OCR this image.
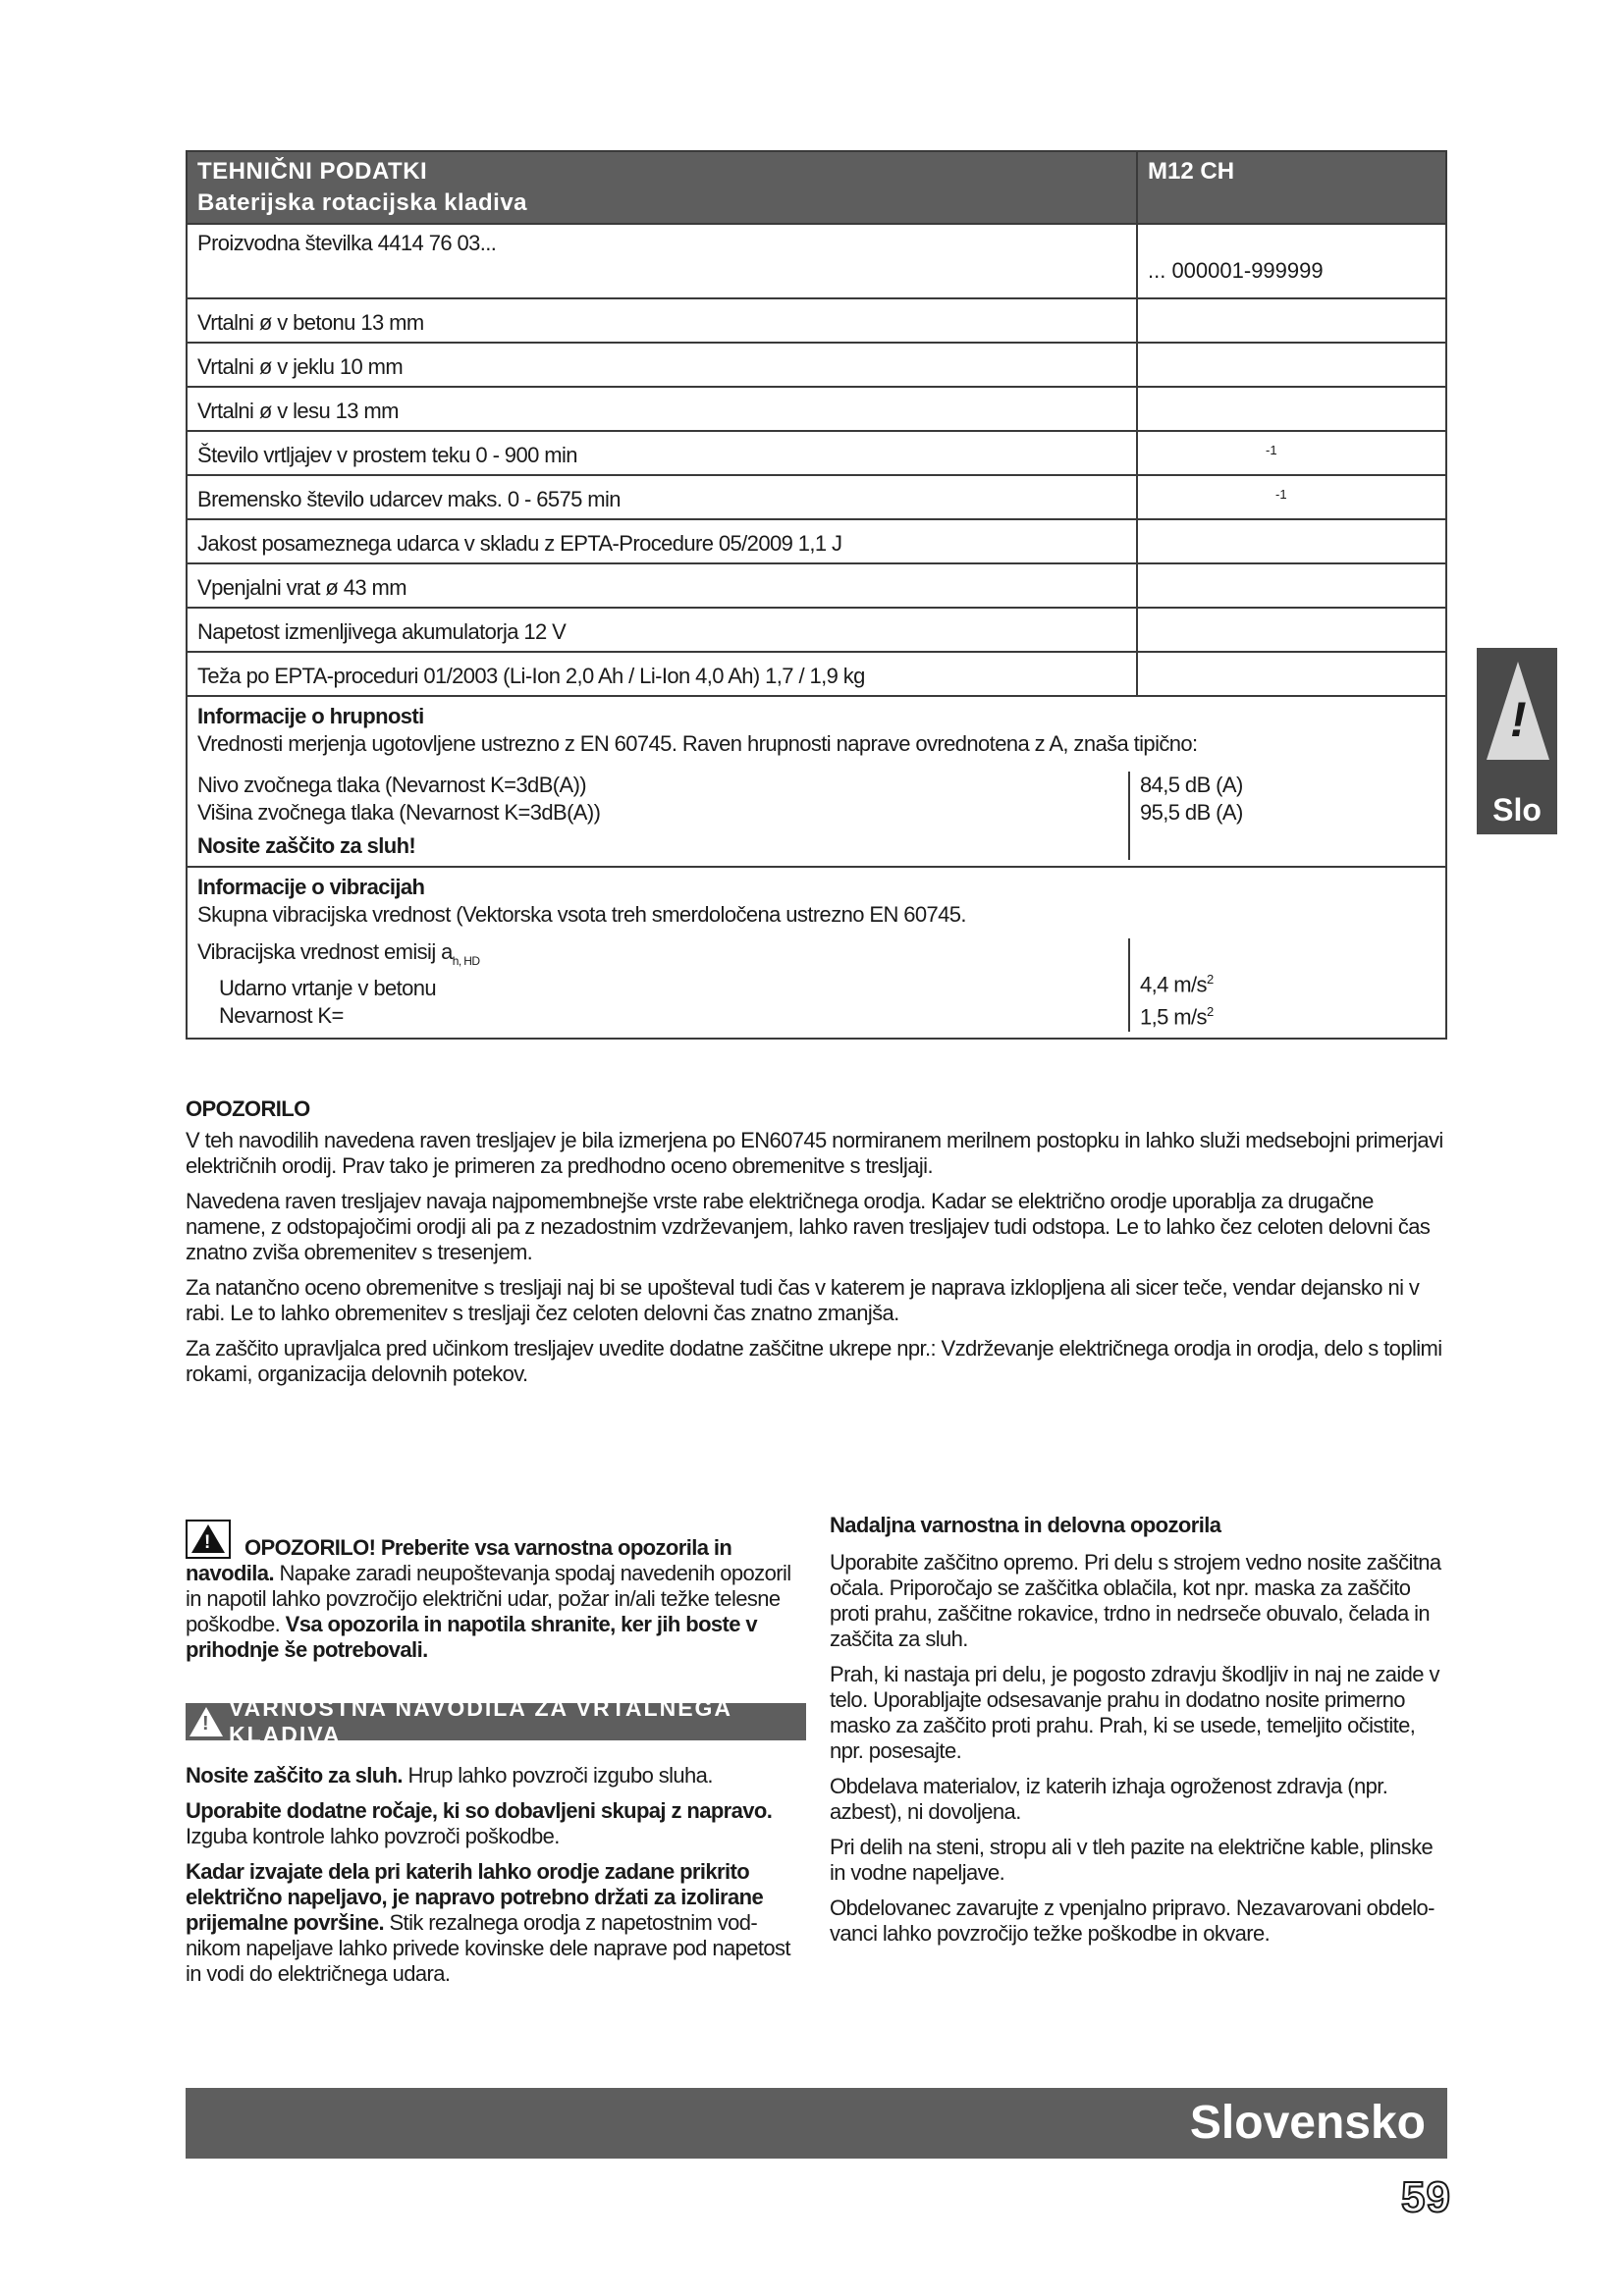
TEHNIČNI PODATKI
Baterijska rotacijska kladiva
M12 CH
Proizvodna številka 4414 76 03...
... 000001-999999
Vrtalni ø v betonu 13 mm
Vrtalni ø v jeklu 10 mm
Vrtalni ø v lesu 13 mm
Število vrtljajev v prostem teku 0 - 900 min	-1
Bremensko število udarcev maks. 0 - 6575 min	-1
Jakost posameznega udarca v skladu z EPTA-Procedure 05/2009 1,1 J
Vpenjalni vrat ø 43 mm
Napetost izmenljivega akumulatorja 12 V
Teža po EPTA-proceduri 01/2003 (Li-Ion 2,0 Ah / Li-Ion 4,0 Ah) 1,7 / 1,9 kg
Informacije o hrupnosti
Vrednosti merjenja ugotovljene ustrezno z EN 60745. Raven hrupnosti naprave ovrednotena z A, znaša tipično:
Nivo zvočnega tlaka (Nevarnost K=3dB(A))
Višina zvočnega tlaka (Nevarnost K=3dB(A))
Nosite zaščito za sluh!
84,5 dB (A)
95,5 dB (A)
Informacije o vibracijah
Skupna vibracijska vrednost (Vektorska vsota treh smerdoločena ustrezno EN 60745.
Vibracijska vrednost emisij $a_{h, HD}$
Udarno vrtanje v betonu
Nevarnost K=
4,4 $m/s^2$
1,5 $m/s^2$
!
Slo
OPOZORILO

V teh navodilih navedena raven tresljajev je bila izmerjena po EN60745 normiranem merilnem postopku in lahko služi medsebojni primerjavi električnih orodij. Prav tako je primeren za predhodno oceno obremenitve s tresljaji.

Navedena raven tresljajev navaja najpomembnejše vrste rabe električnega orodja. Kadar se električno orodje uporablja za drugačne namene, z odstopajočimi orodji ali pa z nezadostnim vzdrževanjem, lahko raven tresljajev tudi odstopa. Le to lahko čez celoten delovni čas znatno zviša obremenitev s tresenjem.

Za natančno oceno obremenitve s tresljaji naj bi se upošteval tudi čas v katerem je naprava izklopljena ali sicer teče, vendar dejansko ni v rabi. Le to lahko obremenitev s tresljaji čez celoten delovni čas znatno zmanjša.

Za zaščito upravljalca pred učinkom tresljajev uvedite dodatne zaščitne ukrepe npr.: Vzdrževanje električnega orodja in orodja, delo s toplimi rokami, organizacija delovnih potekov.

! OPOZORILO! Preberite vsa varnostna opozorila in navodila. Napake zaradi neupoštevanja spodaj navedenih opozoril in napotil lahko povzročijo električni udar, požar in/ali težke telesne poškodbe. Vsa opozorila in napotila shranite, ker jih boste v prihodnje še potrebovali.

!
VARNOSTNA NAVODILA ZA VRTALNEGA KLADIVA

Nosite zaščito za sluh. Hrup lahko povzroči izgubo sluha.

Uporabite dodatne ročaje, ki so dobavljeni skupaj z napravo. Izguba kontrole lahko povzroči poškodbe.

Kadar izvajate dela pri katerih lahko orodje zadane prikrito električno napeljavo, je napravo potrebno držati za izolirane prijemalne površine. Stik rezalnega orodja z napetostnim vod-nikom napeljave lahko privede kovinske dele naprave pod napetost in vodi do električnega udara.

Nadaljna varnostna in delovna opozorila

Uporabite zaščitno opremo. Pri delu s strojem vedno nosite zaščitna očala. Priporočajo se zaščitka oblačila, kot npr. maska za zaščito proti prahu, zaščitne rokavice, trdno in nedrseče obuvalo, čelada in zaščita za sluh.

Prah, ki nastaja pri delu, je pogosto zdravju škodljiv in naj ne zaide v telo. Uporabljajte odsesavanje prahu in dodatno nosite primerno masko za zaščito proti prahu. Prah, ki se usede, temeljito očistite, npr. posesajte.

Obdelava materialov, iz katerih izhaja ogroženost zdravja (npr. azbest), ni dovoljena.

Pri delih na steni, stropu ali v tleh pazite na električne kable, plinske in vodne napeljave.

Obdelovanec zavarujte z vpenjalno pripravo. Nezavarovani obdelo-vanci lahko povzročijo težke poškodbe in okvare.

Slovensko
59
